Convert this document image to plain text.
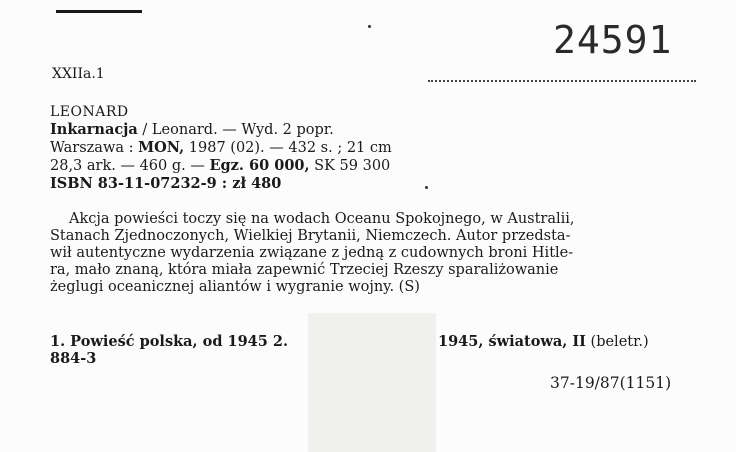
24591
XXIIa.1
LEONARD
Inkarnacja / Leonard. — Wyd. 2 popr.
Warszawa : MON, 1987 (02). — 432 s. ; 21 cm
28,3 ark. — 460 g. — Egz. 60 000, SK 59 300
ISBN 83-11-07232-9 : zł 480
Akcja powieści toczy się na wodach Oceanu Spokojnego, w Australii,
Stanach Zjednoczonych, Wielkiej Brytanii, Niemczech. Autor przedsta-
wił autentyczne wydarzenia związane z jedną z cudownych broni Hitle-
ra, mało znaną, która miała zapewnić Trzeciej Rzeszy sparaliżowanie
żeglugi oceanicznej aliantów i wygranie wojny. (S)
1. Powieść polska, od 1945 2.
884-3
1945, światowa, II (beletr.)
37-19/87(1151)
